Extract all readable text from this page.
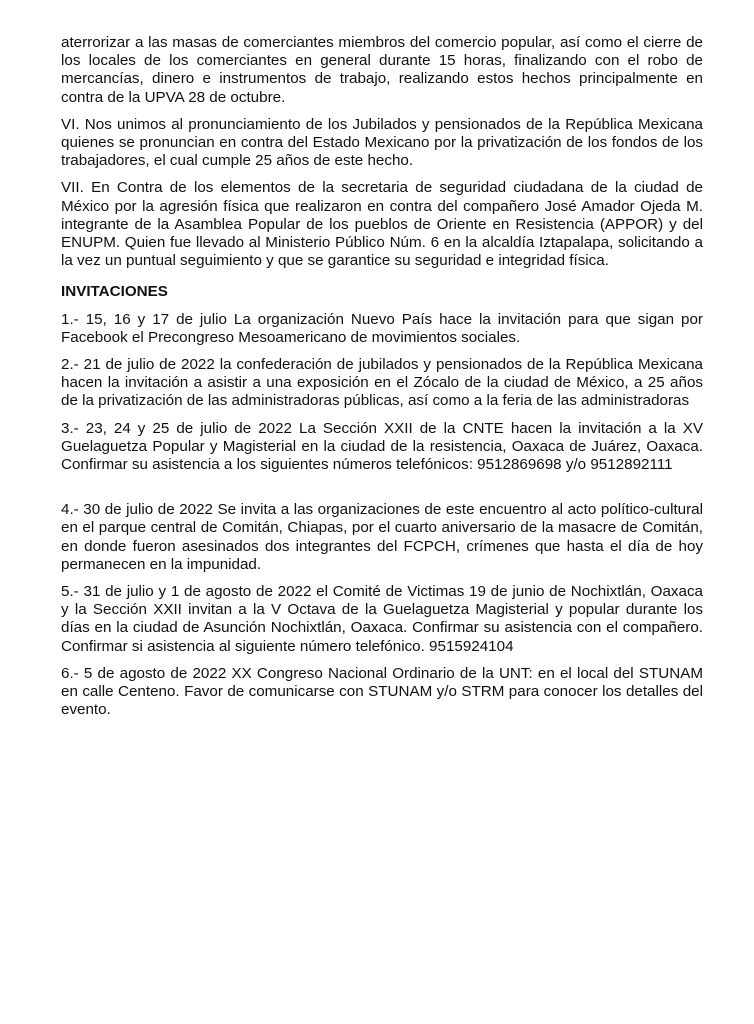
aterrorizar a las masas de comerciantes miembros del comercio popular, así como el cierre de los locales de los comerciantes en general durante 15 horas, finalizando con el robo de mercancías, dinero e instrumentos de trabajo, realizando estos hechos principalmente en contra de la UPVA 28 de octubre.

VI. Nos unimos al pronunciamiento de los Jubilados y pensionados de la República Mexicana quienes se pronuncian en contra del Estado Mexicano por la privatización de los fondos de los trabajadores, el cual cumple 25 años de este hecho.

VII. En Contra de los elementos de la secretaria de seguridad ciudadana de la ciudad de México por la agresión física que realizaron en contra del compañero José Amador Ojeda M. integrante de la Asamblea Popular de los pueblos de Oriente en Resistencia (APPOR) y del ENUPM. Quien fue llevado al Ministerio Público Núm. 6 en la alcaldía Iztapalapa, solicitando a la vez un puntual seguimiento y que se garantice su seguridad e integridad física.

INVITACIONES

1.- 15, 16 y 17 de julio La organización Nuevo País hace la invitación para que sigan por Facebook el Precongreso Mesoamericano de movimientos sociales.

2.- 21 de julio de 2022 la confederación de jubilados y pensionados de la República Mexicana hacen la invitación a asistir a una exposición en el Zócalo de la ciudad de México, a 25 años de la privatización de las administradoras públicas, así como a la feria de las administradoras

3.- 23, 24 y 25 de julio de 2022 La Sección XXII de la CNTE hacen la invitación a la XV Guelaguetza Popular y Magisterial en la ciudad de la resistencia, Oaxaca de Juárez, Oaxaca. Confirmar su asistencia a los siguientes números telefónicos: 9512869698 y/o 9512892111

4.- 30 de julio de 2022 Se invita a las organizaciones de este encuentro al acto político-cultural en el parque central de Comitán, Chiapas, por el cuarto aniversario de la masacre de Comitán, en donde fueron asesinados dos integrantes del FCPCH, crímenes que hasta el día de hoy permanecen en la impunidad.

5.- 31 de julio y 1 de agosto de 2022 el Comité de Victimas 19 de junio de Nochixtlán, Oaxaca y la Sección XXII invitan a la V Octava de la Guelaguetza Magisterial y popular durante los días en la ciudad de Asunción Nochixtlán, Oaxaca. Confirmar su asistencia con el compañero. Confirmar si asistencia al siguiente número telefónico. 9515924104

6.- 5 de agosto de 2022 XX Congreso Nacional Ordinario de la UNT: en el local del STUNAM en calle Centeno. Favor de comunicarse con STUNAM y/o STRM para conocer los detalles del evento.
